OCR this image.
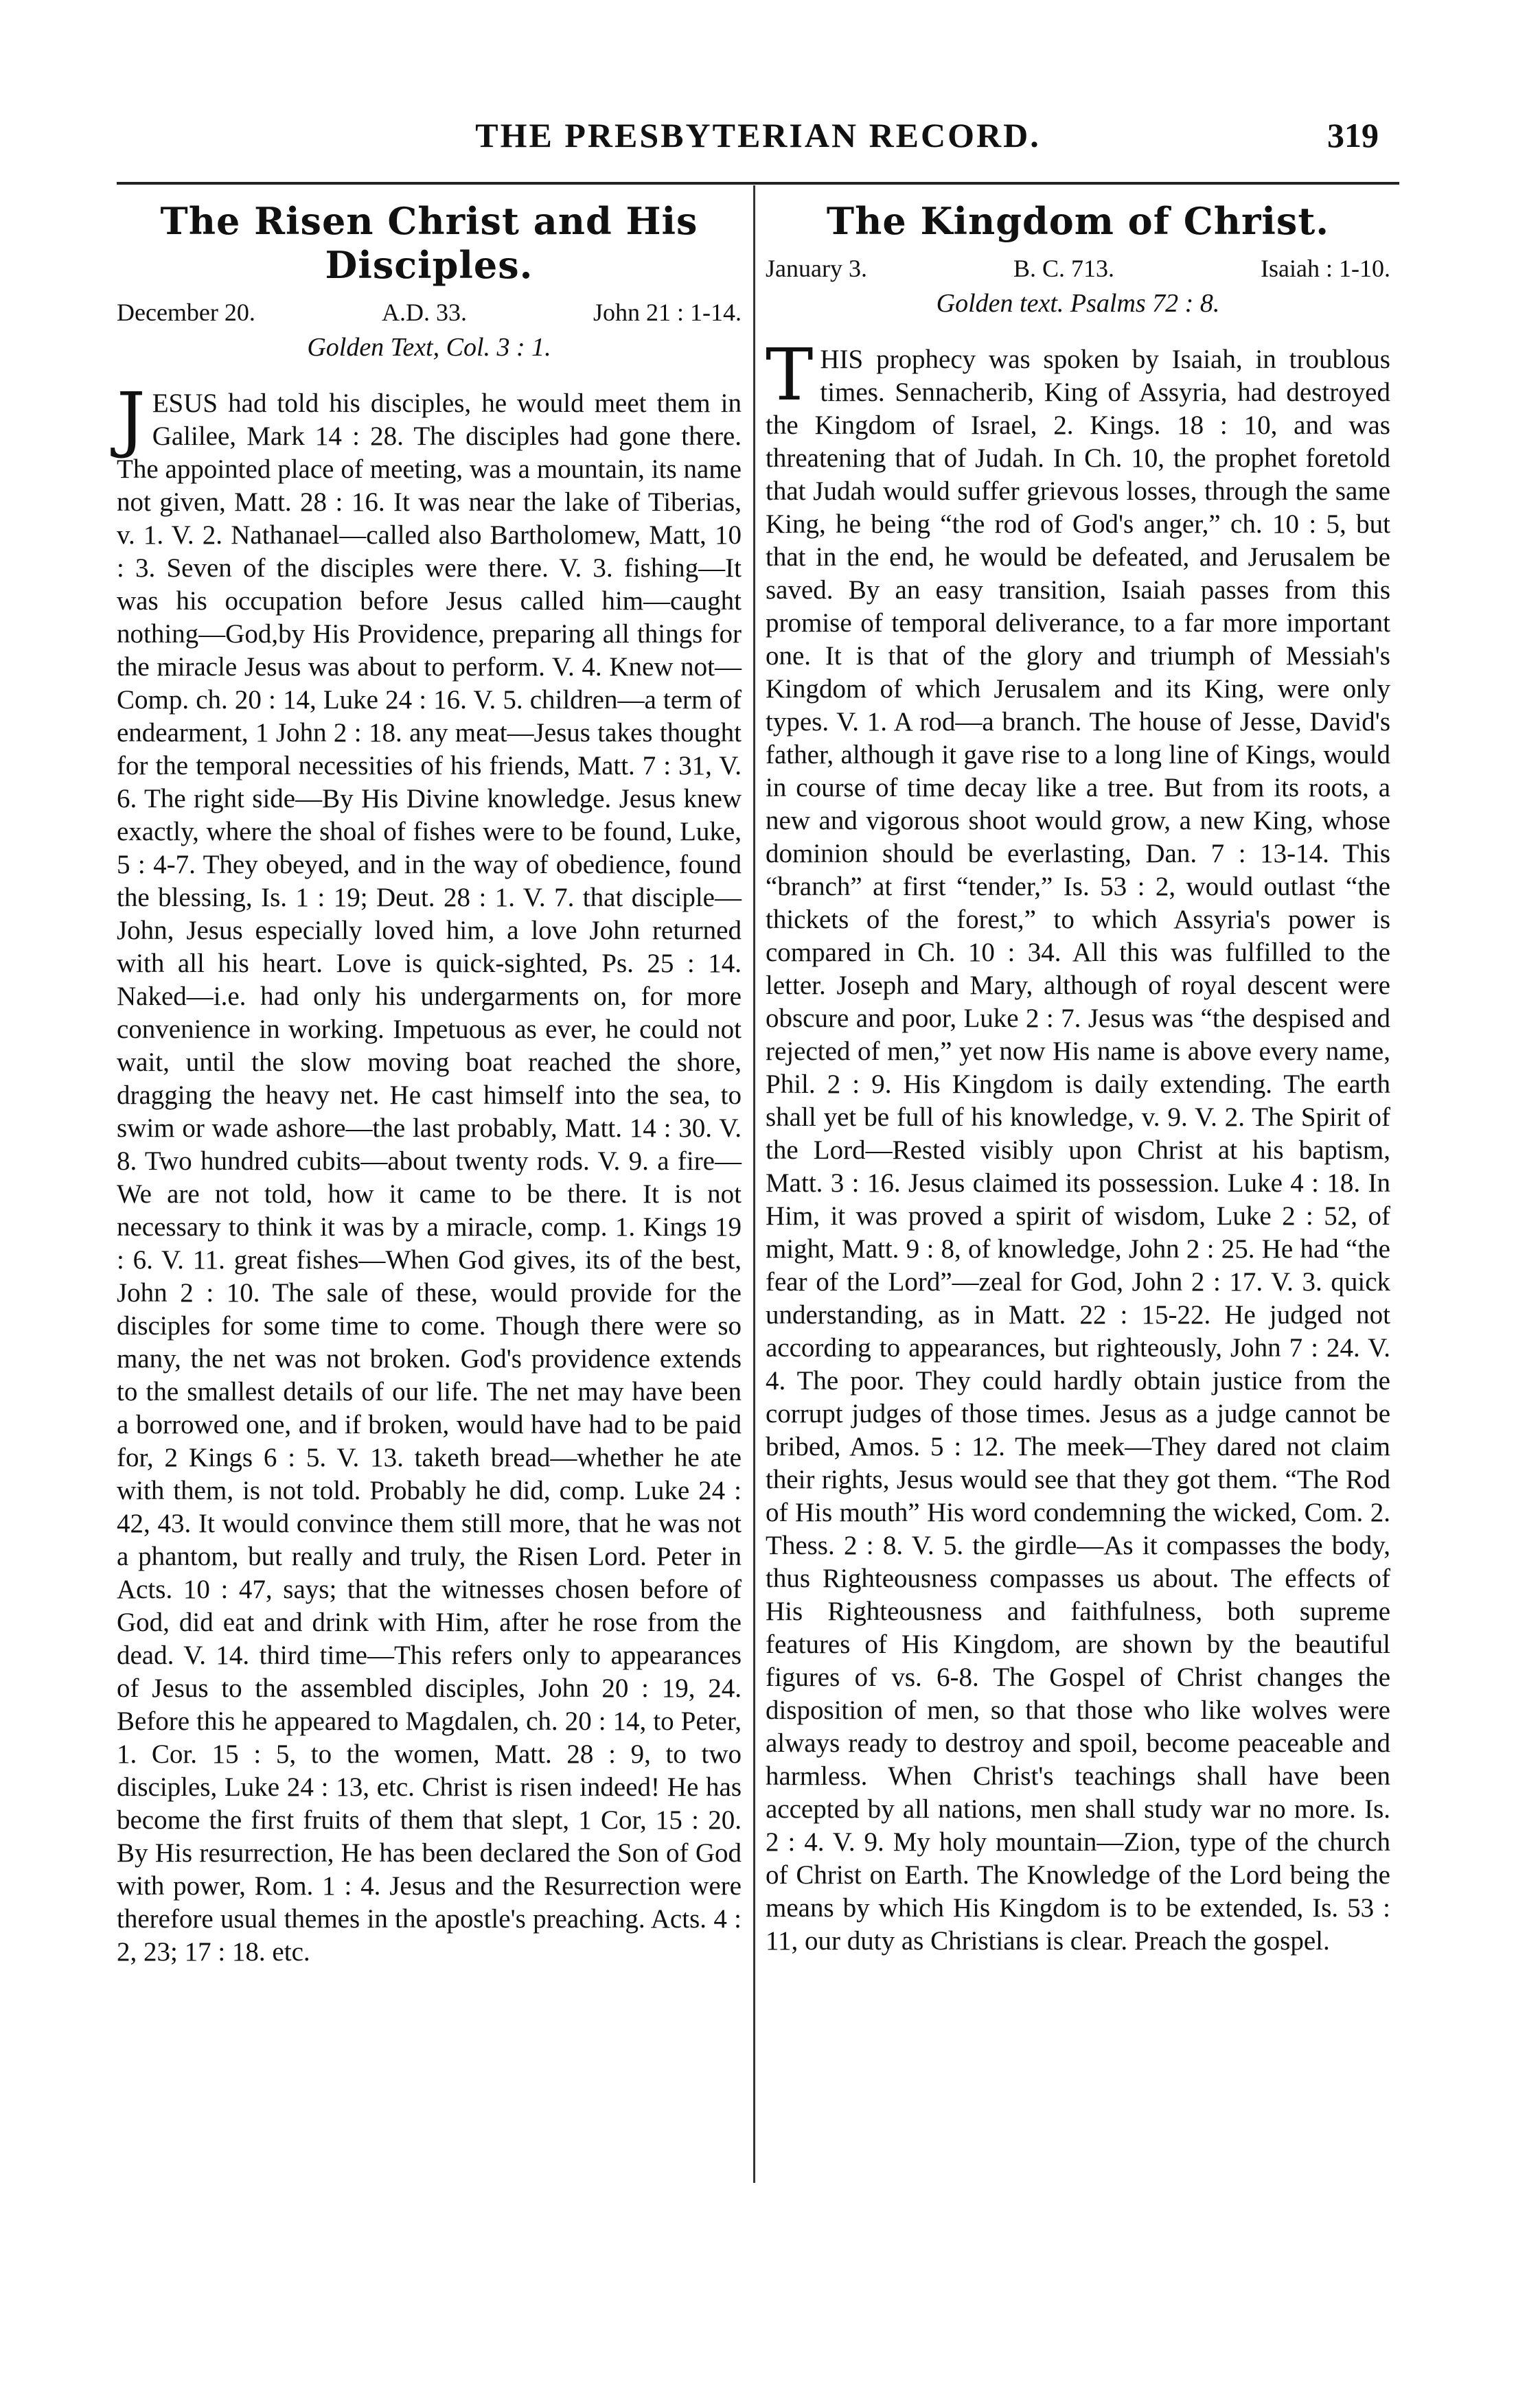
THE PRESBYTERIAN RECORD.	319
The Risen Christ and His Disciples.
December 20.	A.D. 33.	John 21 : 1-14.
Golden Text, Col. 3 : 1.

J ESUS had told his disciples, he would meet them in Galilee, Mark 14 : 28. The disciples had gone there. The appointed place of meeting, was a mountain, its name not given, Matt. 28 : 16. It was near the lake of Tiberias, v. 1. V. 2. Nathanael—called also Bartholomew, Matt, 10 : 3. Seven of the disciples were there. V. 3. fishing—It was his occupation before Jesus called him—caught nothing—God,by His Providence, preparing all things for the miracle Jesus was about to perform. V. 4. Knew not—Comp. ch. 20 : 14, Luke 24 : 16. V. 5. children—a term of endearment, 1 John 2 : 18. any meat—Jesus takes thought for the temporal necessities of his friends, Matt. 7 : 31, V. 6. The right side—By His Divine knowledge. Jesus knew exactly, where the shoal of fishes were to be found, Luke, 5 : 4-7. They obeyed, and in the way of obedience, found the blessing, Is. 1 : 19; Deut. 28 : 1. V. 7. that disciple—John, Jesus especially loved him, a love John returned with all his heart. Love is quick-sighted, Ps. 25 : 14. Naked—i.e. had only his undergarments on, for more convenience in working. Impetuous as ever, he could not wait, until the slow moving boat reached the shore, dragging the heavy net. He cast himself into the sea, to swim or wade ashore—the last probably, Matt. 14 : 30. V. 8. Two hundred cubits—about twenty rods. V. 9. a fire—We are not told, how it came to be there. It is not necessary to think it was by a miracle, comp. 1. Kings 19 : 6. V. 11. great fishes—When God gives, its of the best, John 2 : 10. The sale of these, would provide for the disciples for some time to come. Though there were so many, the net was not broken. God's providence extends to the smallest details of our life. The net may have been a borrowed one, and if broken, would have had to be paid for, 2 Kings 6 : 5. V. 13. taketh bread—whether he ate with them, is not told. Probably he did, comp. Luke 24 : 42, 43. It would convince them still more, that he was not a phantom, but really and truly, the Risen Lord. Peter in Acts. 10 : 47, says; that the witnesses chosen before of God, did eat and drink with Him, after he rose from the dead. V. 14. third time—This refers only to appearances of Jesus to the assembled disciples, John 20 : 19, 24. Before this he appeared to Magdalen, ch. 20 : 14, to Peter, 1. Cor. 15 : 5, to the women, Matt. 28 : 9, to two disciples, Luke 24 : 13, etc. Christ is risen indeed! He has become the first fruits of them that slept, 1 Cor, 15 : 20. By His resurrection, He has been declared the Son of God with power, Rom. 1 : 4. Jesus and the Resurrection were therefore usual themes in the apostle's preaching. Acts. 4 : 2, 23; 17 : 18. etc.

The Kingdom of Christ.
January 3.	B. C. 713.	Isaiah : 1-10.
Golden text. Psalms 72 : 8.

T HIS prophecy was spoken by Isaiah, in troublous times. Sennacherib, King of Assyria, had destroyed the Kingdom of Israel, 2. Kings. 18 : 10, and was threatening that of Judah. In Ch. 10, the prophet foretold that Judah would suffer grievous losses, through the same King, he being “the rod of God's anger,” ch. 10 : 5, but that in the end, he would be defeated, and Jerusalem be saved. By an easy transition, Isaiah passes from this promise of temporal deliverance, to a far more important one. It is that of the glory and triumph of Messiah's Kingdom of which Jerusalem and its King, were only types. V. 1. A rod—a branch. The house of Jesse, David's father, although it gave rise to a long line of Kings, would in course of time decay like a tree. But from its roots, a new and vigorous shoot would grow, a new King, whose dominion should be everlasting, Dan. 7 : 13-14. This “branch” at first “tender,” Is. 53 : 2, would outlast “the thickets of the forest,” to which Assyria's power is compared in Ch. 10 : 34. All this was fulfilled to the letter. Joseph and Mary, although of royal descent were obscure and poor, Luke 2 : 7. Jesus was “the despised and rejected of men,” yet now His name is above every name, Phil. 2 : 9. His Kingdom is daily extending. The earth shall yet be full of his knowledge, v. 9. V. 2. The Spirit of the Lord—Rested visibly upon Christ at his baptism, Matt. 3 : 16. Jesus claimed its possession. Luke 4 : 18. In Him, it was proved a spirit of wisdom, Luke 2 : 52, of might, Matt. 9 : 8, of knowledge, John 2 : 25. He had “the fear of the Lord”—zeal for God, John 2 : 17. V. 3. quick understanding, as in Matt. 22 : 15-22. He judged not according to appearances, but righteously, John 7 : 24. V. 4. The poor. They could hardly obtain justice from the corrupt judges of those times. Jesus as a judge cannot be bribed, Amos. 5 : 12. The meek—They dared not claim their rights, Jesus would see that they got them. “The Rod of His mouth” His word condemning the wicked, Com. 2. Thess. 2 : 8. V. 5. the girdle—As it compasses the body, thus Righteousness compasses us about. The effects of His Righteousness and faithfulness, both supreme features of His Kingdom, are shown by the beautiful figures of vs. 6-8. The Gospel of Christ changes the disposition of men, so that those who like wolves were always ready to destroy and spoil, become peaceable and harmless. When Christ's teachings shall have been accepted by all nations, men shall study war no more. Is. 2 : 4. V. 9. My holy mountain—Zion, type of the church of Christ on Earth. The Knowledge of the Lord being the means by which His Kingdom is to be extended, Is. 53 : 11, our duty as Christians is clear. Preach the gospel.
